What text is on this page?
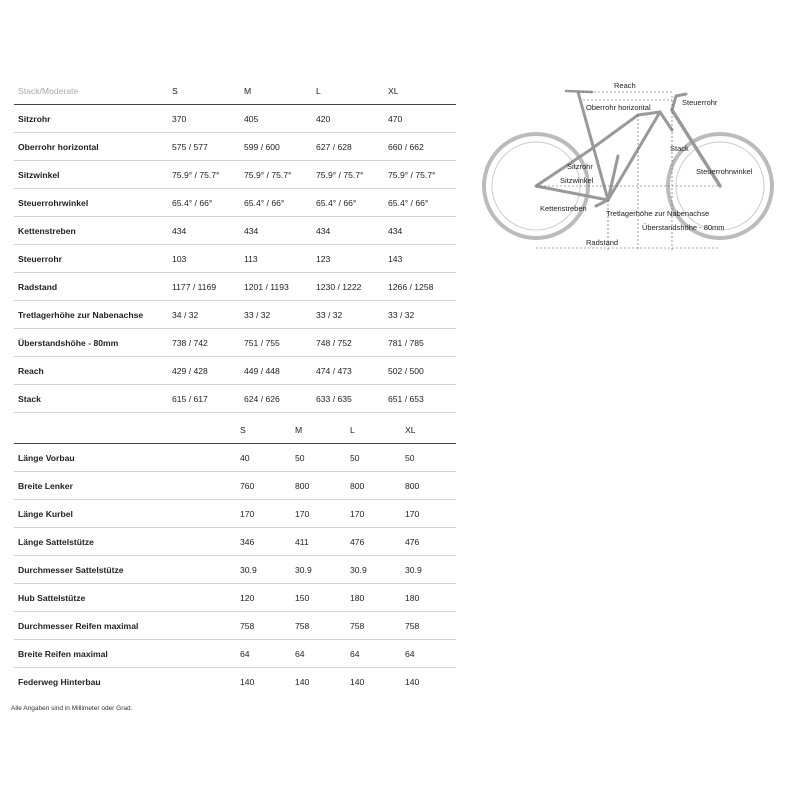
Stack/Moderate	S	M	L	XL
Sitzrohr	370	405	420	470
Oberrohr horizontal	575 / 577	599 / 600	627 / 628	660 / 662
Sitzwinkel	75.9° / 75.7°	75.9° / 75.7°	75.9° / 75.7°	75.9° / 75.7°
Steuerrohrwinkel	65.4° / 66°	65.4° / 66°	65.4° / 66°	65.4° / 66°
Kettenstreben	434	434	434	434
Steuerrohr	103	113	123	143
Radstand	1177 / 1169	1201 / 1193	1230 / 1222	1266 / 1258
Tretlagerhöhe zur Nabenachse	34 / 32	33 / 32	33 / 32	33 / 32
Überstandshöhe - 80mm	738 / 742	751 / 755	748 / 752	781 / 785
Reach	429 / 428	449 / 448	474 / 473	502 / 500
Stack	615 / 617	624 / 626	633 / 635	651 / 653
	S	M	L	XL
Länge Vorbau	40	50	50	50
Breite Lenker	760	800	800	800
Länge Kurbel	170	170	170	170
Länge Sattelstütze	346	411	476	476
Durchmesser Sattelstütze	30.9	30.9	30.9	30.9
Hub Sattelstütze	120	150	180	180
Durchmesser Reifen maximal	758	758	758	758
Breite Reifen maximal	64	64	64	64
Federweg Hinterbau	140	140	140	140
Alle Angaben sind in Millimeter oder Grad.
Reach
Oberrohr horizontal
Steuerrohr
Stack
Sitzrohr
Sitzwinkel
Steuerrohrwinkel
Kettenstreben
Tretlagerhöhe zur Nabenachse
Überstandshöhe - 80mm
Radstand
